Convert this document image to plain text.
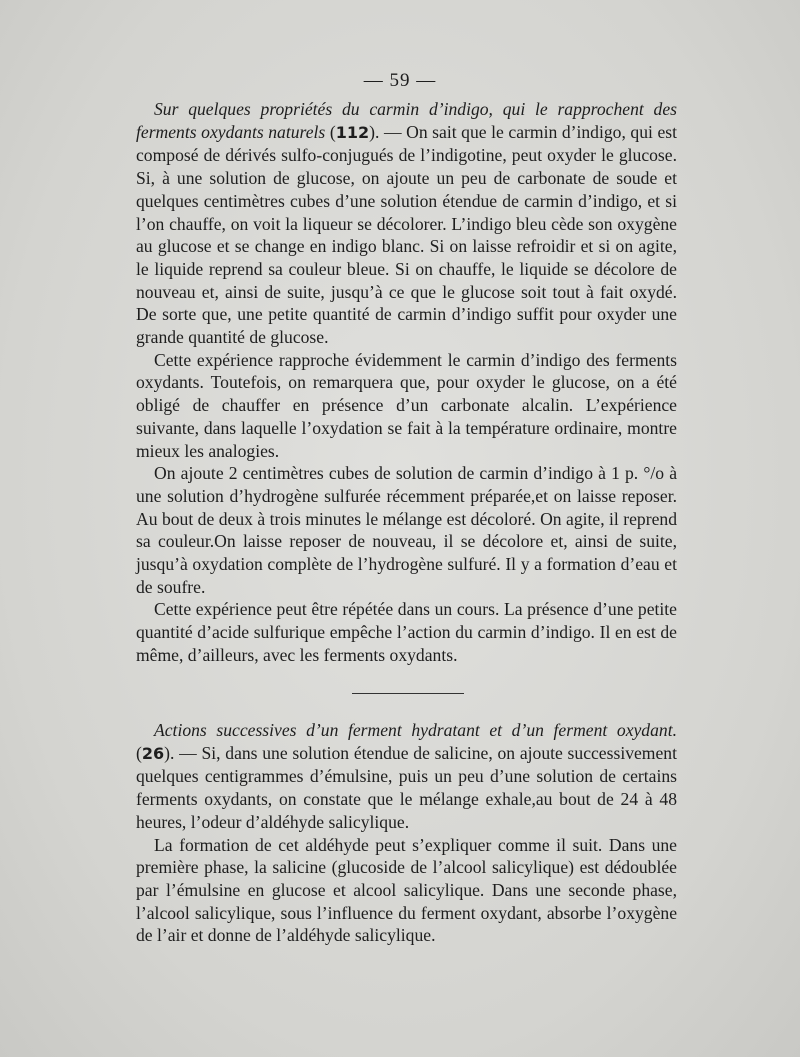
— 59 —

Sur quelques propriétés du carmin d’indigo, qui le rapprochent des ferments oxydants naturels (112). — On sait que le carmin d’indigo, qui est composé de dérivés sulfo-conjugués de l’indigotine, peut oxyder le glucose. Si, à une solution de glucose, on ajoute un peu de carbonate de soude et quelques centimètres cubes d’une solution étendue de carmin d’indigo, et si l’on chauffe, on voit la liqueur se décolorer. L’indigo bleu cède son oxygène au glucose et se change en indigo blanc. Si on laisse refroidir et si on agite, le liquide reprend sa couleur bleue. Si on chauffe, le liquide se décolore de nouveau et, ainsi de suite, jusqu’à ce que le glucose soit tout à fait oxydé. De sorte que, une petite quantité de carmin d’indigo suffit pour oxyder une grande quantité de glucose.

Cette expérience rapproche évidemment le carmin d’indigo des ferments oxydants. Toutefois, on remarquera que, pour oxyder le glucose, on a été obligé de chauffer en présence d’un carbonate alcalin. L’expérience suivante, dans laquelle l’oxydation se fait à la température ordinaire, montre mieux les analogies.

On ajoute 2 centimètres cubes de solution de carmin d’indigo à 1 p. °/o à une solution d’hydrogène sulfurée récemment préparée,et on laisse reposer. Au bout de deux à trois minutes le mélange est décoloré. On agite, il reprend sa couleur.On laisse reposer de nouveau, il se décolore et, ainsi de suite, jusqu’à oxydation complète de l’hydrogène sulfuré. Il y a formation d’eau et de soufre.

Cette expérience peut être répétée dans un cours. La présence d’une petite quantité d’acide sulfurique empêche l’action du carmin d’indigo. Il en est de même, d’ailleurs, avec les ferments oxydants.

Actions successives d’un ferment hydratant et d’un ferment oxydant. (26). — Si, dans une solution étendue de salicine, on ajoute successivement quelques centigrammes d’émulsine, puis un peu d’une solution de certains ferments oxydants, on constate que le mélange exhale,au bout de 24 à 48 heures, l’odeur d’aldéhyde salicylique.

La formation de cet aldéhyde peut s’expliquer comme il suit. Dans une première phase, la salicine (glucoside de l’alcool salicylique) est dédoublée par l’émulsine en glucose et alcool salicylique. Dans une seconde phase, l’alcool salicylique, sous l’influence du ferment oxydant, absorbe l’oxygène de l’air et donne de l’aldéhyde salicylique.
